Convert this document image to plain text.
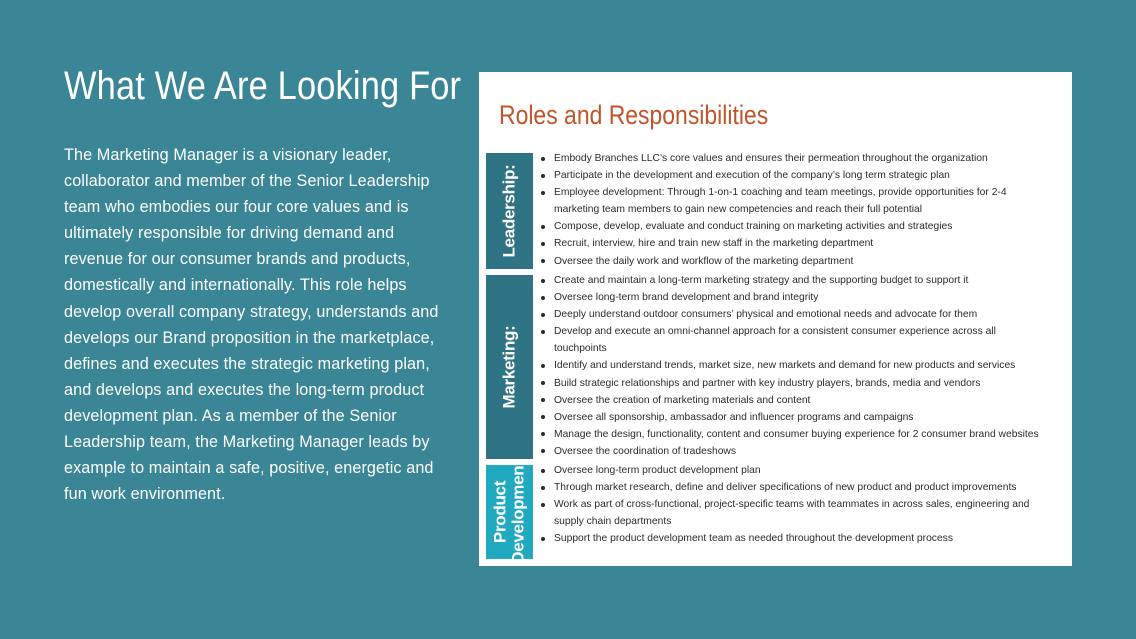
What We Are Looking For
The Marketing Manager is a visionary leader, collaborator and member of the Senior Leadership team who embodies our four core values and is ultimately responsible for driving demand and revenue for our consumer brands and products, domestically and internationally. This role helps develop overall company strategy, understands and develops our Brand proposition in the marketplace, defines and executes the strategic marketing plan, and develops and executes the long-term product development plan. As a member of the Senior Leadership team, the Marketing Manager leads by example to maintain a safe, positive, energetic and fun work environment.
Roles and Responsibilities
Leadership:
Embody Branches LLC’s core values and ensures their permeation throughout the organization
Participate in the development and execution of the company’s long term strategic plan
Employee development: Through 1-on-1 coaching and team meetings, provide opportunities for 2-4
marketing team members to gain new competencies and reach their full potential
Compose, develop, evaluate and conduct training on marketing activities and strategies
Recruit, interview, hire and train new staff in the marketing department
Oversee the daily work and workflow of the marketing department
Marketing:
Create and maintain a long-term marketing strategy and the supporting budget to support it
Oversee long-term brand development and brand integrity
Deeply understand outdoor consumers’ physical and emotional needs and advocate for them
Develop and execute an omni-channel approach for a consistent consumer experience across all
touchpoints
Identify and understand trends, market size, new markets and demand for new products and services
Build strategic relationships and partner with key industry players, brands, media and vendors
Oversee the creation of marketing materials and content
Oversee all sponsorship, ambassador and influencer programs and campaigns
Manage the design, functionality, content and consumer buying experience for 2 consumer brand websites
Oversee the coordination of tradeshows
Product Development	Oversee long-term product development plan
Through market research, define and deliver specifications of new product and product improvements
Work as part of cross-functional, project-specific teams with teammates in across sales, engineering and
supply chain departments
Support the product development team as needed throughout the development process
